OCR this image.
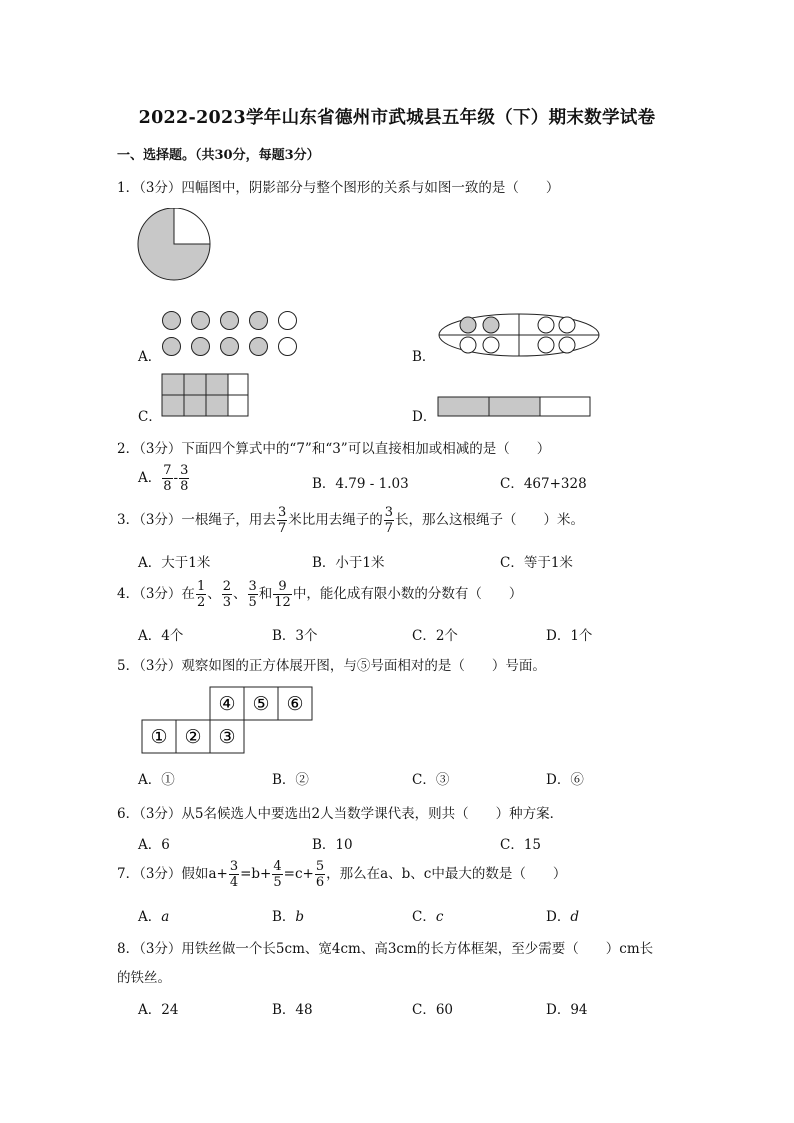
2022-2023学年山东省德州市武城县五年级（下）期末数学试卷
一、选择题。（共30分，每题3分）
1．（3分）四幅图中，阴影部分与整个图形的关系与如图一致的是（　　）
A．	B．
C．	D．
2．（3分）下面四个算式中的“7”和“3”可以直接相加或相减的是（　　）
A． $\frac{7}{8} - \frac{3}{8}$	B．4.79 - 1.03	C．467+328
3．（3分）一根绳子，用去 $\frac{3}{7}$ 米比用去绳子的 $\frac{3}{7}$ 长，那么这根绳子（　　）米。
A．大于1米	B．小于1米	C．等于1米
4．（3分）在 $\frac{1}{2}$ 、 $\frac{2}{3}$ 、 $\frac{3}{5}$ 和 $\frac{9}{12}$ 中，能化成有限小数的分数有（　　）
A．4个	B．3个	C．2个	D．1个
5．（3分）观察如图的正方体展开图，与⑤号面相对的是（　　）号面。
④ ⑤ ⑥
① ② ③
A．①	B．②	C．③	D．⑥
6．（3分）从5名候选人中要选出2人当数学课代表，则共（　　）种方案．
A．6	B．10	C．15
7．（3分）假如$a+ \frac{3}{4} =b+ \frac{4}{5} =c+ \frac{5}{6}$ ，那么在a、b、c中最大的数是（　　）
A．a	B．b	C．c	D．d
8．（3分）用铁丝做一个长5cm、宽4cm、高3cm的长方体框架，至少需要（　　）cm长
的铁丝。
A．24	B．48	C．60	D．94
